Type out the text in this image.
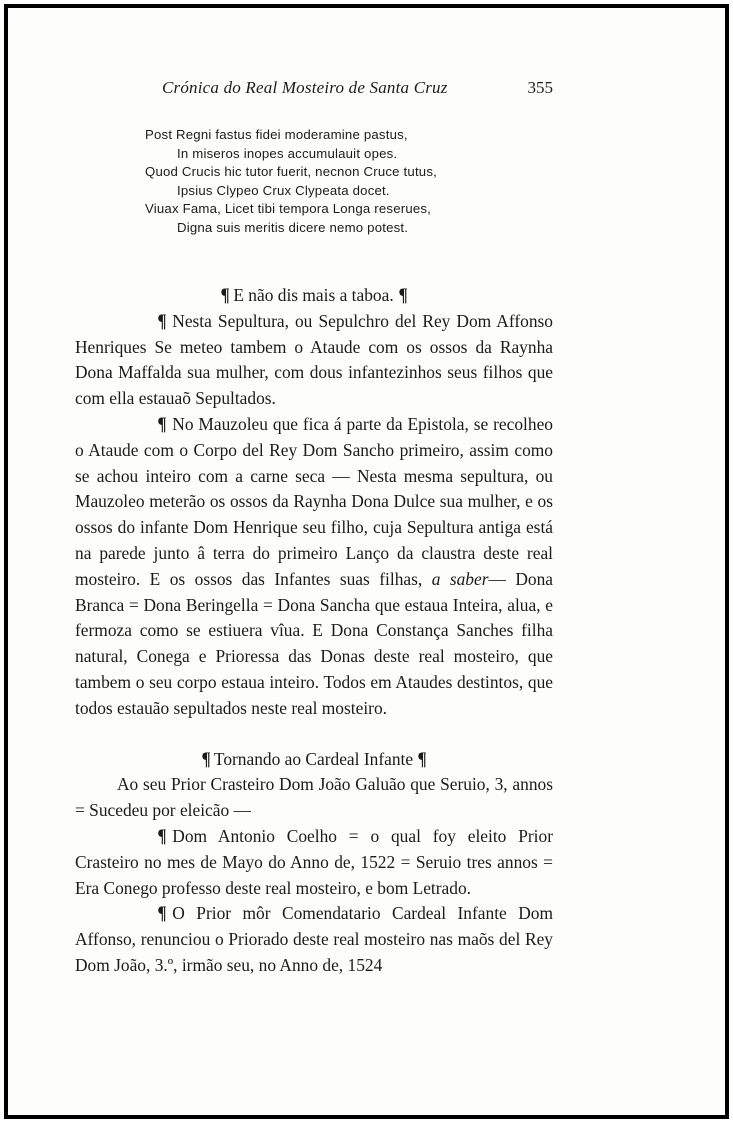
Crónica do Real Mosteiro de Santa Cruz	355
Post Regni fastus fidei moderamine pastus,
In miseros inopes accumulauit opes.
Quod Crucis hic tutor fuerit, necnon Cruce tutus,
Ipsius Clypeo Crux Clypeata docet.
Viuax Fama, Licet tibi tempora Longa reserues,
Digna suis meritis dicere nemo potest.
¶ E não dis mais a taboa. ¶
¶ Nesta Sepultura, ou Sepulchro del Rey Dom Affonso Henriques Se meteo tambem o Ataude com os ossos da Raynha Dona Maffalda sua mulher, com dous infantezinhos seus filhos que com ella estauaõ Sepultados.
¶ No Mauzoleu que fica á parte da Epistola, se recolheo o Ataude com o Corpo del Rey Dom Sancho primeiro, assim como se achou inteiro com a carne seca — Nesta mesma sepultura, ou Mauzoleo meterão os ossos da Raynha Dona Dulce sua mulher, e os ossos do infante Dom Henrique seu filho, cuja Sepultura antiga está na parede junto â terra do primeiro Lanço da claustra deste real mosteiro. E os ossos das Infantes suas filhas, a saber— Dona Branca = Dona Beringella = Dona Sancha que estaua Inteira, alua, e fermoza como se estiuera vîua. E Dona Constança Sanches filha natural, Conega e Prioressa das Donas deste real mosteiro, que tambem o seu corpo estaua inteiro. Todos em Ataudes destintos, que todos estauão sepultados neste real mosteiro.
¶ Tornando ao Cardeal Infante ¶
Ao seu Prior Crasteiro Dom João Galuão que Seruio, 3, annos = Sucedeu por eleicão —
¶ Dom Antonio Coelho = o qual foy eleito Prior Crasteiro no mes de Mayo do Anno de, 1522 = Seruio tres annos = Era Conego professo deste real mosteiro, e bom Letrado.
¶ O Prior môr Comendatario Cardeal Infante Dom Affonso, renunciou o Priorado deste real mosteiro nas maõs del Rey Dom João, 3.º, irmão seu, no Anno de, 1524
